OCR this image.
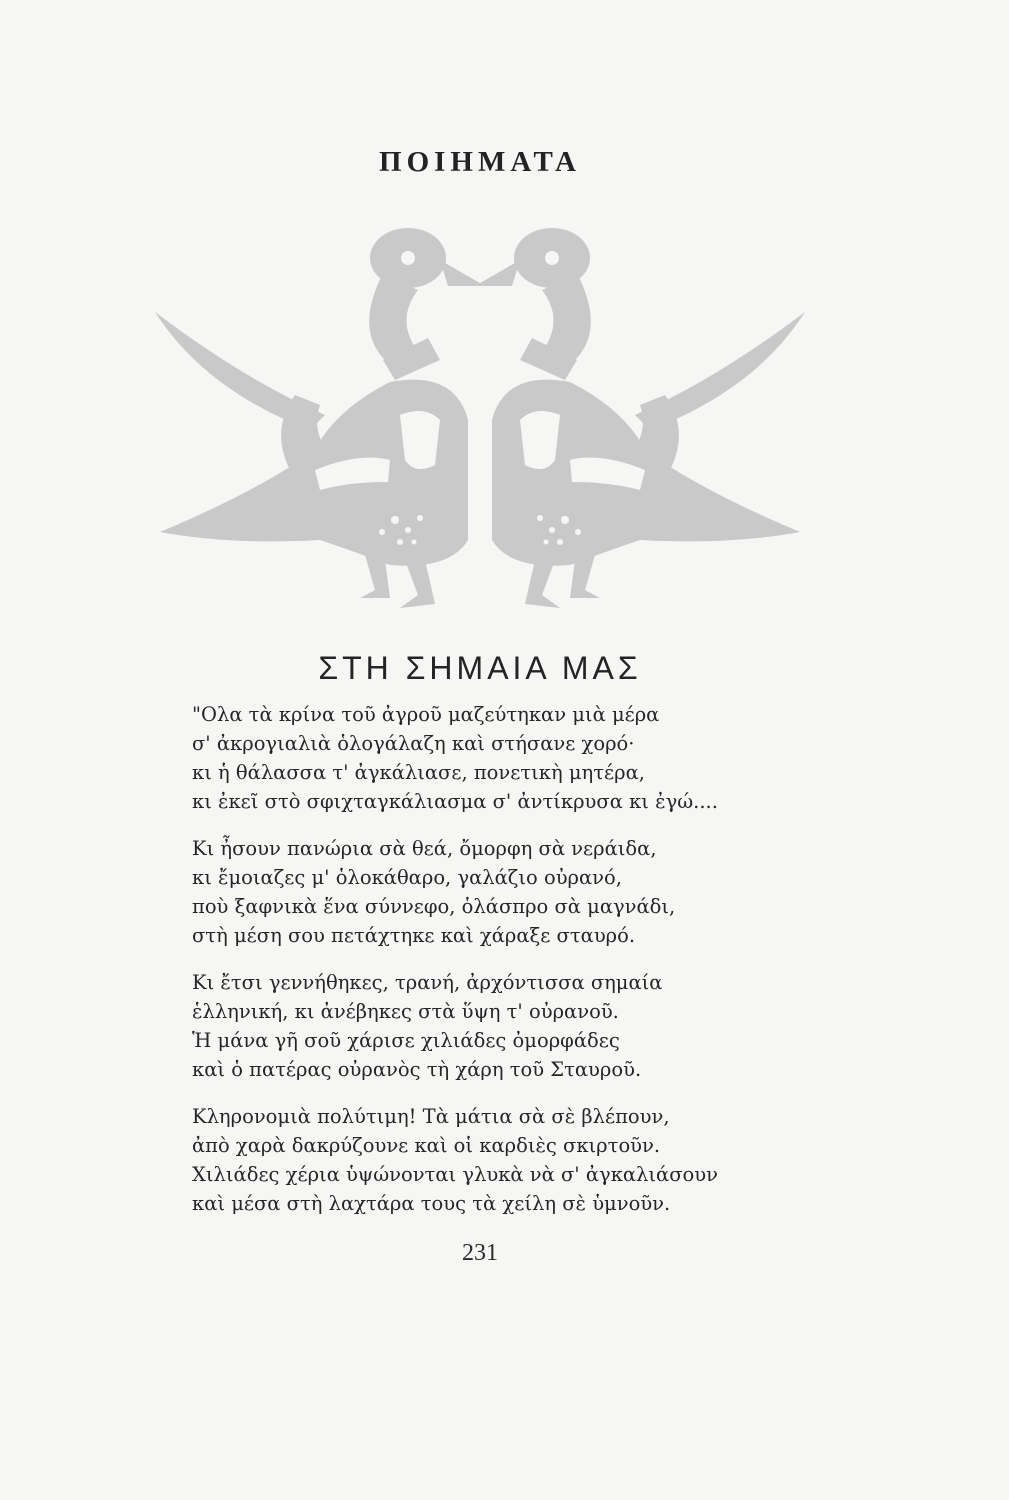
ΠΟΙΗΜΑΤΑ
ΣΤΗ ΣΗΜΑΙΑ ΜΑΣ
"Ολα τὰ κρίνα τοῦ ἀγροῦ μαζεύτηκαν μιὰ μέρα
σ' ἀκρογιαλιὰ ὁλογάλαζη καὶ στήσανε χορό·
κι ἡ θάλασσα τ' ἀγκάλιασε, πονετικὴ μητέρα,
κι ἐκεῖ στὸ σφιχταγκάλιασμα σ' ἀντίκρυσα κι ἐγώ....
Κι ἦσουν πανώρια σὰ θεά, ὄμορφη σὰ νεράιδα,
κι ἔμοιαζες μ' ὁλοκάθαρο, γαλάζιο οὐρανό,
ποὺ ξαφνικὰ ἕνα σύννεφο, ὁλάσπρο σὰ μαγνάδι,
στὴ μέση σου πετάχτηκε καὶ χάραξε σταυρό.
Κι ἔτσι γεννήθηκες, τρανή, ἀρχόντισσα σημαία
ἑλληνική, κι ἀνέβηκες στὰ ὕψη τ' οὐρανοῦ.
Ἡ μάνα γῆ σοῦ χάρισε χιλιάδες ὀμορφάδες
καὶ ὁ πατέρας οὐρανὸς τὴ χάρη τοῦ Σταυροῦ.
Κληρονομιὰ πολύτιμη! Τὰ μάτια σὰ σὲ βλέπουν,
ἀπὸ χαρὰ δακρύζουνε καὶ οἱ καρδιὲς σκιρτοῦν.
Χιλιάδες χέρια ὑψώνονται γλυκὰ νὰ σ' ἀγκαλιάσουν
καὶ μέσα στὴ λαχτάρα τους τὰ χείλη σὲ ὑμνοῦν.
231
